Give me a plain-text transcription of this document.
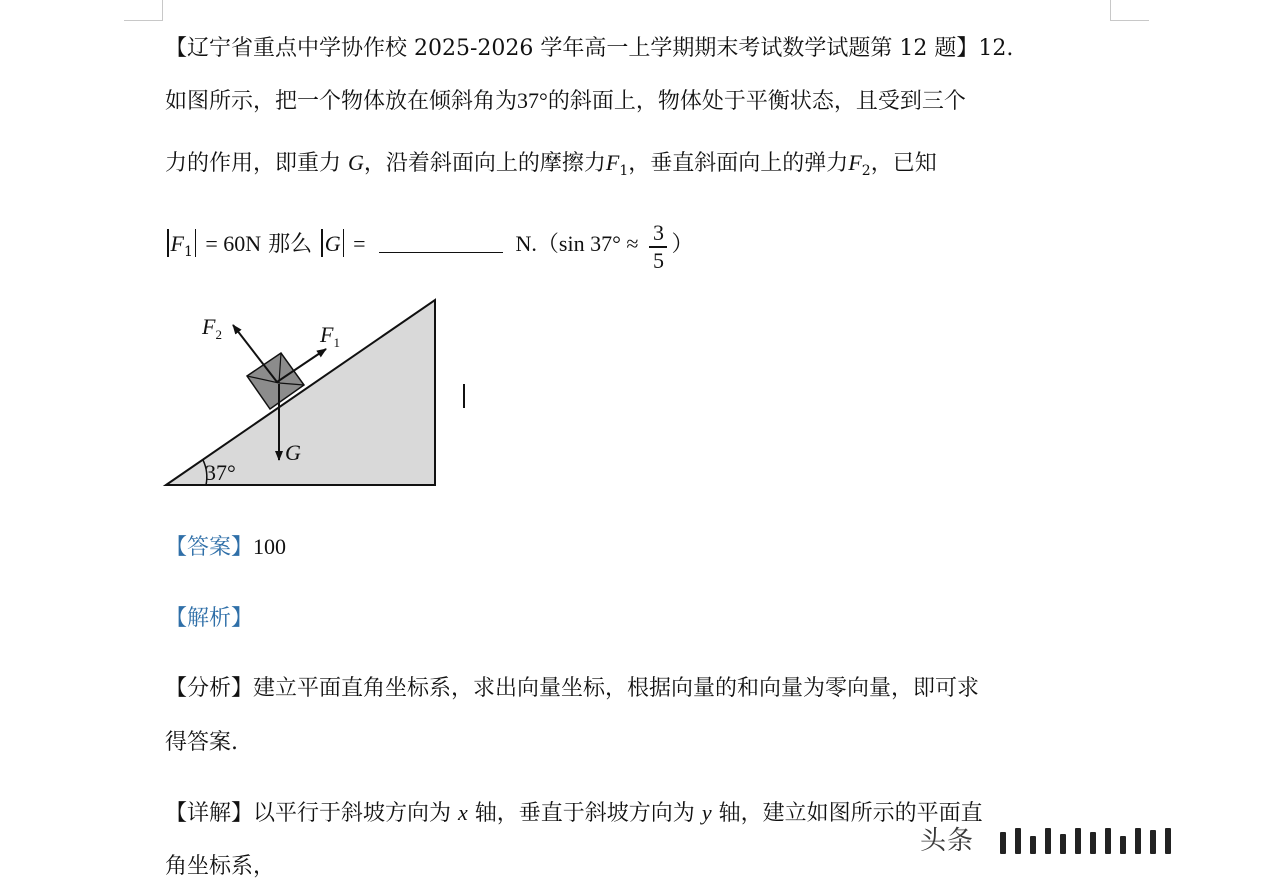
【辽宁省重点中学协作校 2025-2026 学年高一上学期期末考试数学试题第 12 题】12.
如图所示，把一个物体放在倾斜角为37°的斜面上，物体处于平衡状态，且受到三个
力的作用，即重力 G，沿着斜面向上的摩擦力$F_1$，垂直斜面向上的弹力$F_2$，已知
$F_1 = 60N$ 那么 G =	N.（sin $37^\circ \approx \frac{3}{5}$ ）
$F_2$	$F_1$
G
37°
【答案】100
【解析】
【分析】建立平面直角坐标系，求出向量坐标，根据向量的和向量为零向量，即可求
得答案.
【详解】以平行于斜坡方向为 x 轴，垂直于斜坡方向为 y 轴，建立如图所示的平面直
角坐标系，
头条
